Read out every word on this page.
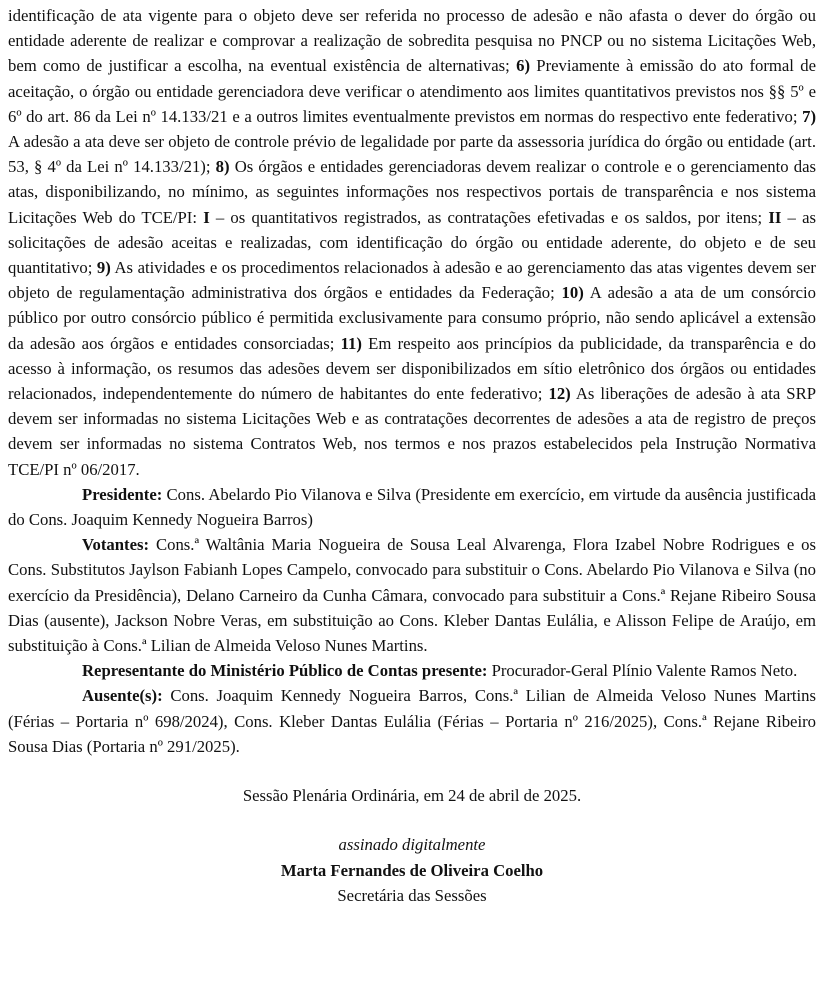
identificação de ata vigente para o objeto deve ser referida no processo de adesão e não afasta o dever do órgão ou entidade aderente de realizar e comprovar a realização de sobredita pesquisa no PNCP ou no sistema Licitações Web, bem como de justificar a escolha, na eventual existência de alternativas; 6) Previamente à emissão do ato formal de aceitação, o órgão ou entidade gerenciadora deve verificar o atendimento aos limites quantitativos previstos nos §§ 5º e 6º do art. 86 da Lei nº 14.133/21 e a outros limites eventualmente previstos em normas do respectivo ente federativo; 7) A adesão a ata deve ser objeto de controle prévio de legalidade por parte da assessoria jurídica do órgão ou entidade (art. 53, § 4º da Lei nº 14.133/21); 8) Os órgãos e entidades gerenciadoras devem realizar o controle e o gerenciamento das atas, disponibilizando, no mínimo, as seguintes informações nos respectivos portais de transparência e nos sistema Licitações Web do TCE/PI: I – os quantitativos registrados, as contratações efetivadas e os saldos, por itens; II – as solicitações de adesão aceitas e realizadas, com identificação do órgão ou entidade aderente, do objeto e de seu quantitativo; 9) As atividades e os procedimentos relacionados à adesão e ao gerenciamento das atas vigentes devem ser objeto de regulamentação administrativa dos órgãos e entidades da Federação; 10) A adesão a ata de um consórcio público por outro consórcio público é permitida exclusivamente para consumo próprio, não sendo aplicável a extensão da adesão aos órgãos e entidades consorciadas; 11) Em respeito aos princípios da publicidade, da transparência e do acesso à informação, os resumos das adesões devem ser disponibilizados em sítio eletrônico dos órgãos ou entidades relacionados, independentemente do número de habitantes do ente federativo; 12) As liberações de adesão à ata SRP devem ser informadas no sistema Licitações Web e as contratações decorrentes de adesões a ata de registro de preços devem ser informadas no sistema Contratos Web, nos termos e nos prazos estabelecidos pela Instrução Normativa TCE/PI nº 06/2017.

Presidente: Cons. Abelardo Pio Vilanova e Silva (Presidente em exercício, em virtude da ausência justificada do Cons. Joaquim Kennedy Nogueira Barros)

Votantes: Cons.ª Waltânia Maria Nogueira de Sousa Leal Alvarenga, Flora Izabel Nobre Rodrigues e os Cons. Substitutos Jaylson Fabianh Lopes Campelo, convocado para substituir o Cons. Abelardo Pio Vilanova e Silva (no exercício da Presidência), Delano Carneiro da Cunha Câmara, convocado para substituir a Cons.ª Rejane Ribeiro Sousa Dias (ausente), Jackson Nobre Veras, em substituição ao Cons. Kleber Dantas Eulália, e Alisson Felipe de Araújo, em substituição à Cons.ª Lilian de Almeida Veloso Nunes Martins.

Representante do Ministério Público de Contas presente: Procurador-Geral Plínio Valente Ramos Neto.

Ausente(s): Cons. Joaquim Kennedy Nogueira Barros, Cons.ª Lilian de Almeida Veloso Nunes Martins (Férias – Portaria nº 698/2024), Cons. Kleber Dantas Eulália (Férias – Portaria nº 216/2025), Cons.ª Rejane Ribeiro Sousa Dias (Portaria nº 291/2025).

Sessão Plenária Ordinária, em 24 de abril de 2025.

assinado digitalmente

Marta Fernandes de Oliveira Coelho

Secretária das Sessões
